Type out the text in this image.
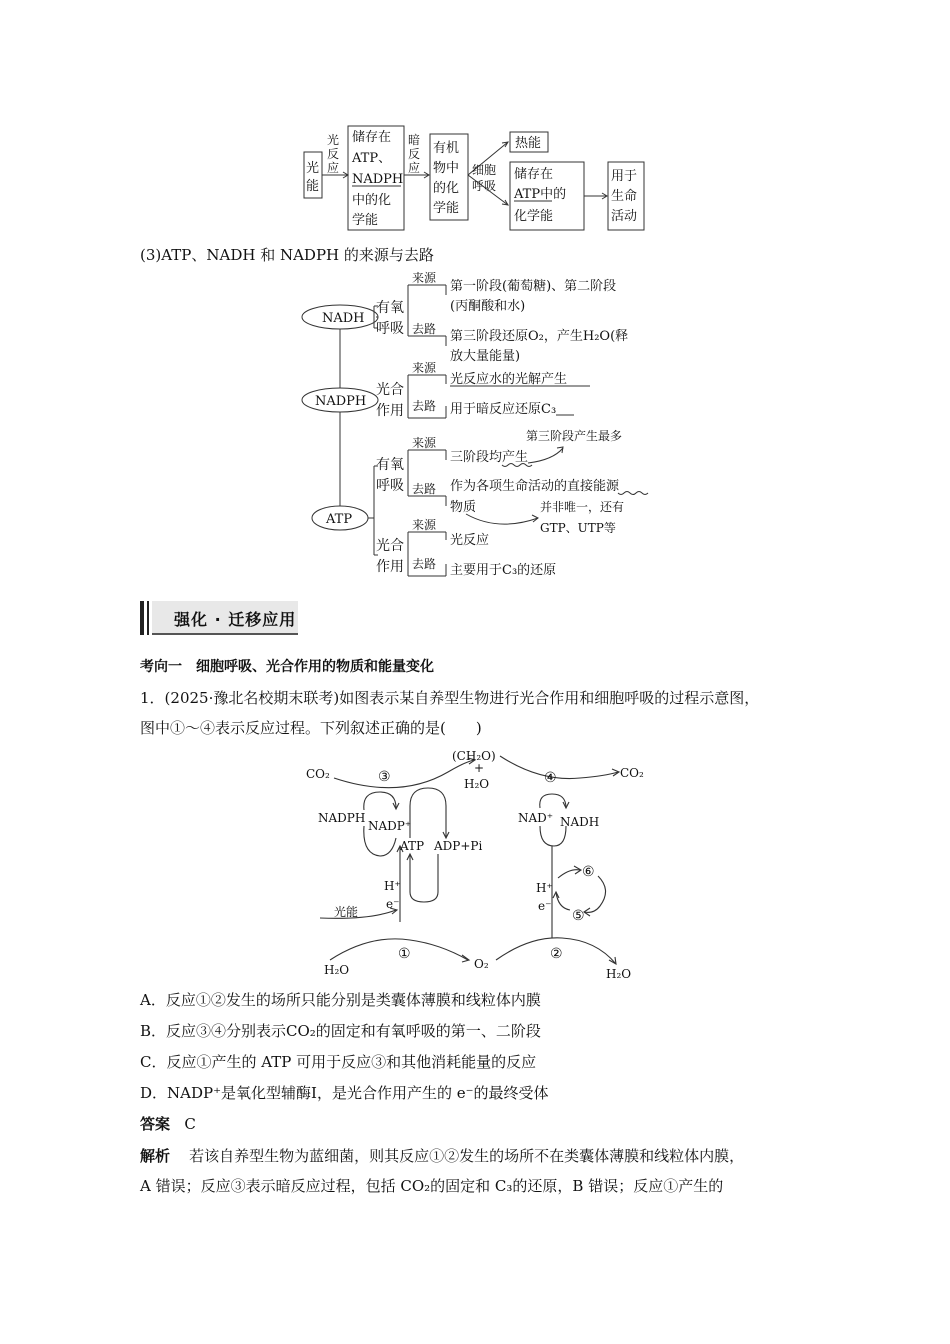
光
能
光
反
应
储存在
ATP、
NADPH
中的化
学能
暗
反
应
有机
物中
的化
学能
细胞
呼吸
热能
储存在
ATP中的
化学能
用于
生命
活动
(3)ATP、NADH 和 NADPH 的来源与去路
NADH
NADPH
ATP
有氧
呼吸
光合
作用
有氧
呼吸
光合
作用
来源
去路
来源
去路
来源
去路
来源
去路
第一阶段(葡萄糖)、第二阶段
(丙酮酸和水)
第三阶段还原O₂，产生H₂O(释
放大量能量)
光反应水的光解产生
用于暗反应还原C₃
三阶段均产生
第三阶段产生最多
作为各项生命活动的直接能源
物质	并非唯一，还有
GTP、UTP等
光反应
主要用于C₃的还原
强化 · 迁移应用
考向一　细胞呼吸、光合作用的物质和能量变化
1．(2025·豫北名校期末联考)如图表示某自养型生物进行光合作用和细胞呼吸的过程示意图，
图中①～④表示反应过程。下列叙述正确的是(　　)
CO₂	③
(CH₂O)
+
H₂O	④	CO₂
NADPH
NADP⁺
ATP ADP+Pi
NAD⁺ NADH
H⁺
e⁻
H⁺
e⁻
⑥
⑤
光能
①	②
H₂O	O₂
H₂O
A．反应①②发生的场所只能分别是类囊体薄膜和线粒体内膜
B．反应③④分别表示CO₂的固定和有氧呼吸的第一、二阶段
C．反应①产生的 ATP 可用于反应③和其他消耗能量的反应
D．NADP⁺是氧化型辅酶Ⅰ，是光合作用产生的 e⁻的最终受体
答案 C
解析 若该自养型生物为蓝细菌，则其反应①②发生的场所不在类囊体薄膜和线粒体内膜，
A 错误；反应③表示暗反应过程，包括 CO₂的固定和 C₃的还原，B 错误；反应①产生的
